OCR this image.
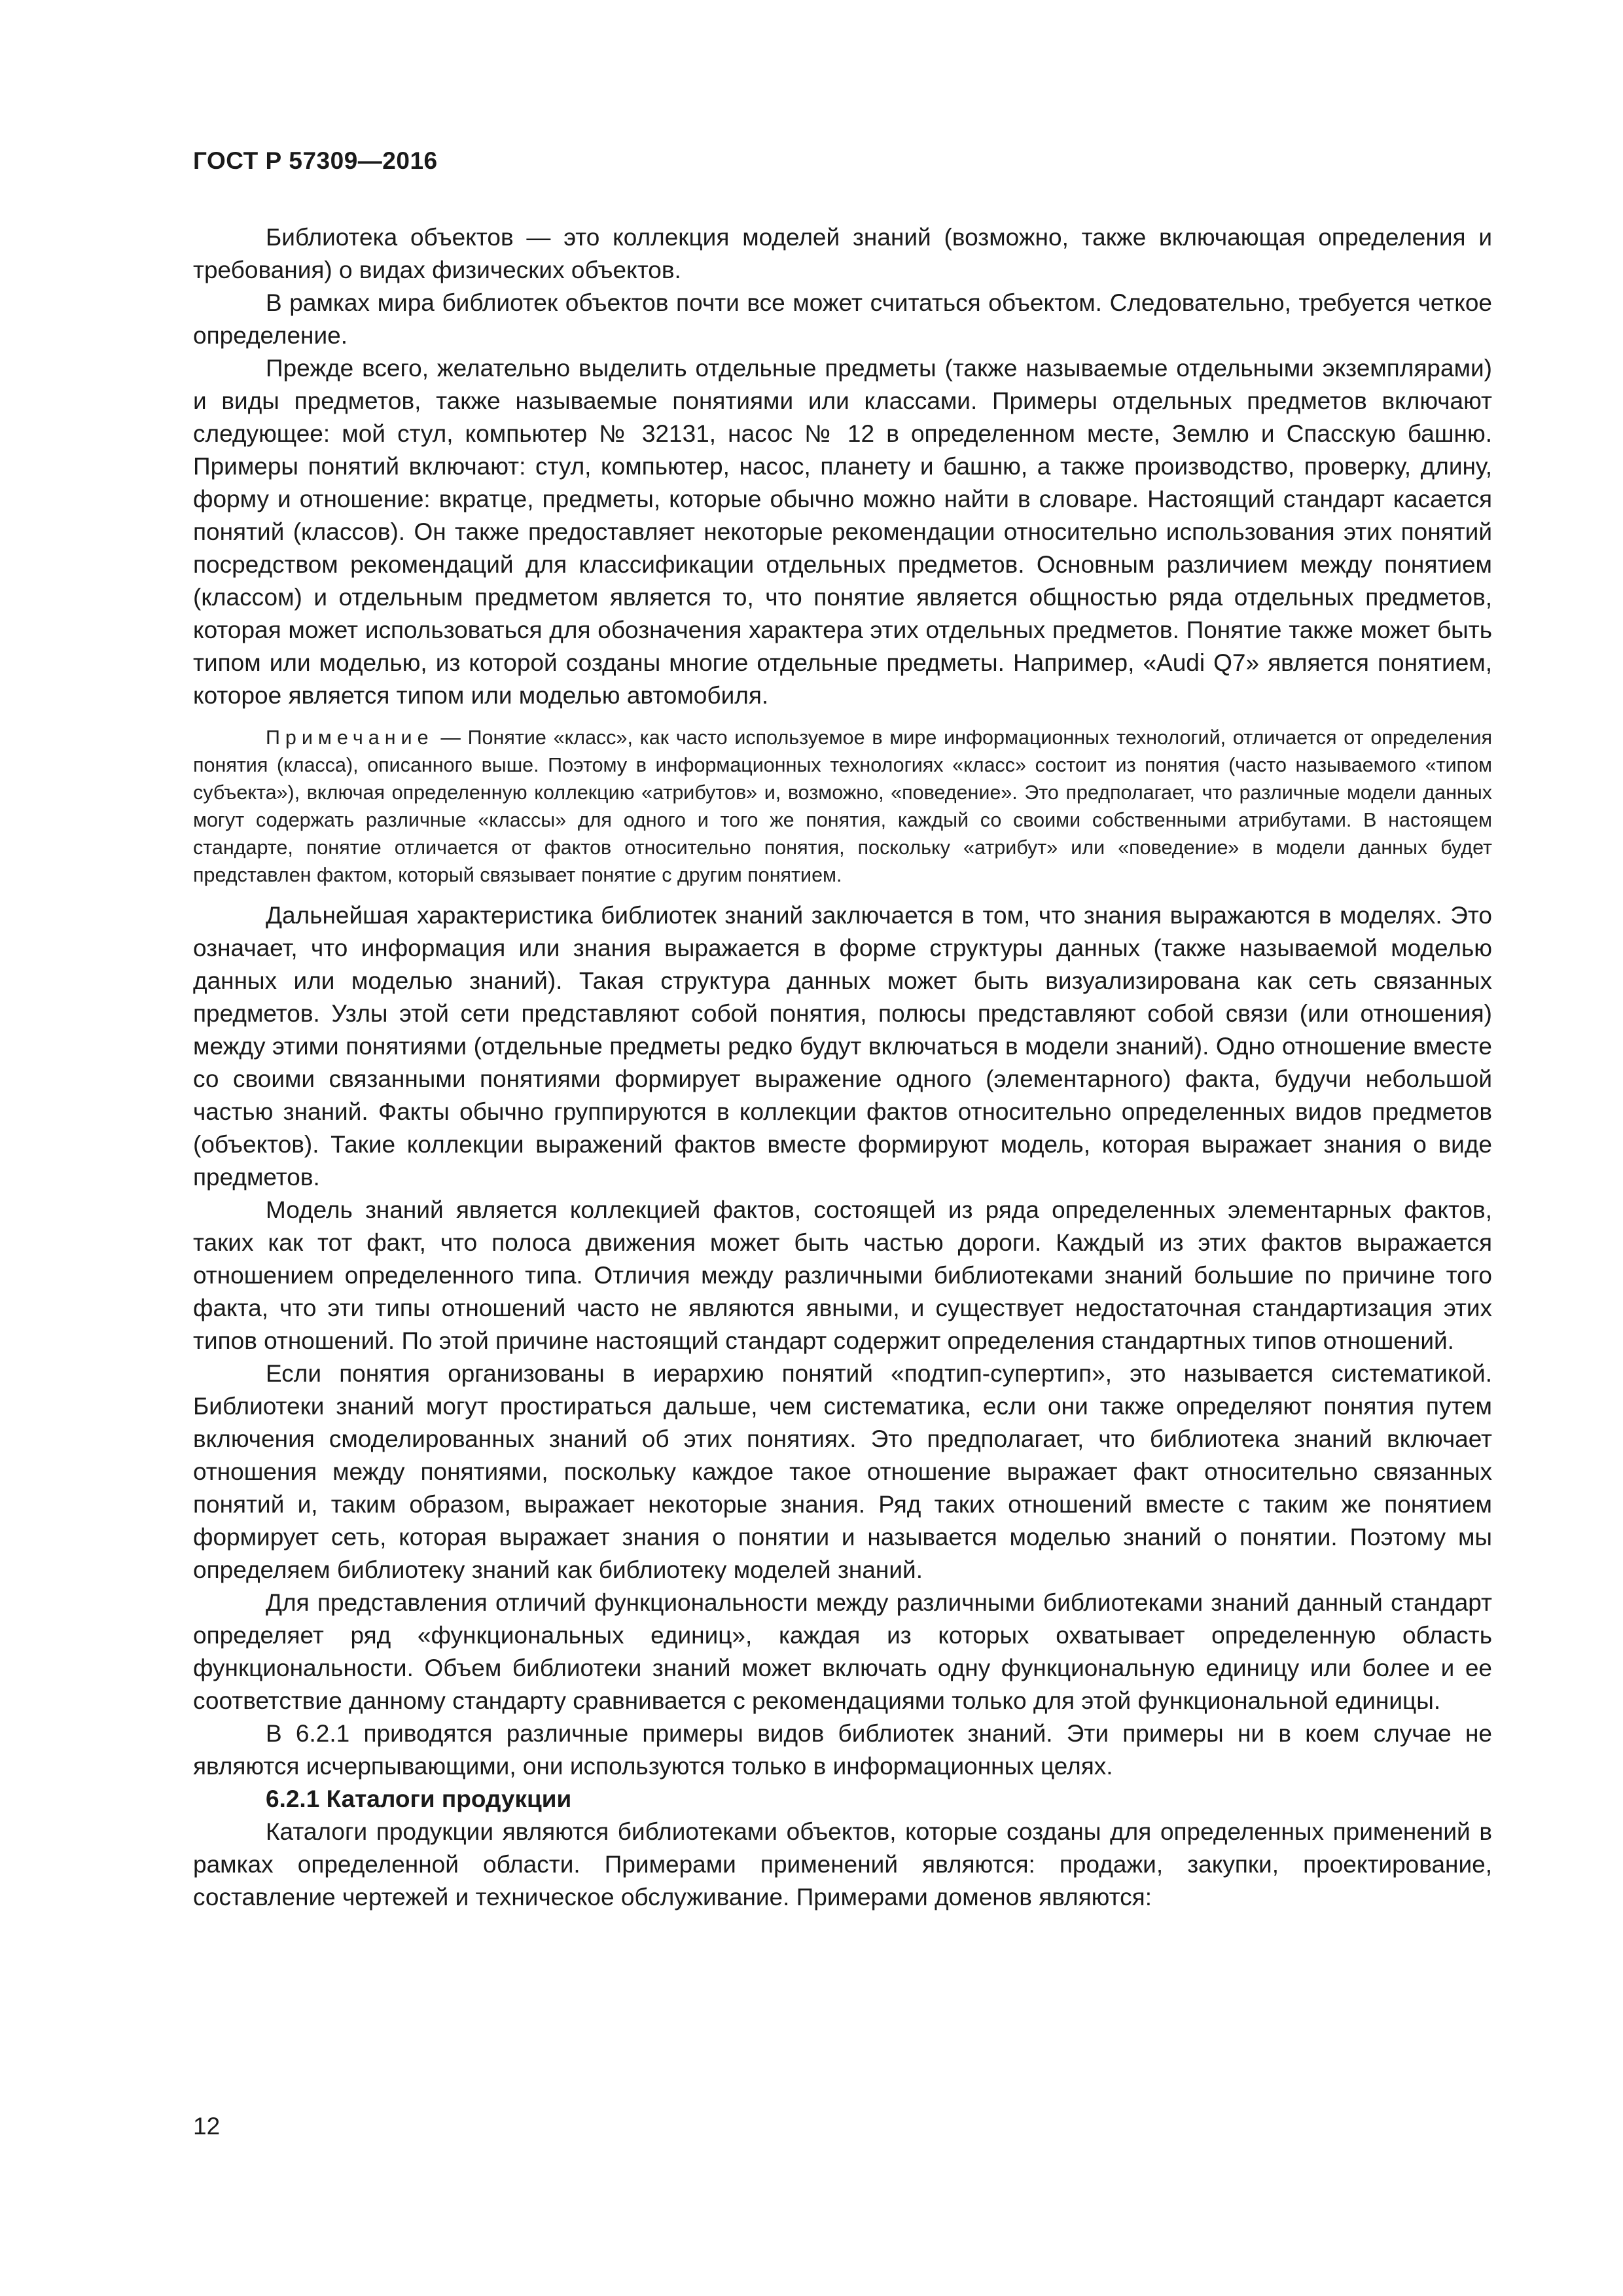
ГОСТ Р 57309—2016

Библиотека объектов — это коллекция моделей знаний (возможно, также включающая определения и требования) о видах физических объектов.

В рамках мира библиотек объектов почти все может считаться объектом. Следовательно, требуется четкое определение.

Прежде всего, желательно выделить отдельные предметы (также называемые отдельными экземплярами) и виды предметов, также называемые понятиями или классами. Примеры отдельных предметов включают следующее: мой стул, компьютер № 32131, насос № 12 в определенном месте, Землю и Спасскую башню. Примеры понятий включают: стул, компьютер, насос, планету и башню, а также производство, проверку, длину, форму и отношение: вкратце, предметы, которые обычно можно найти в словаре. Настоящий стандарт касается понятий (классов). Он также предоставляет некоторые рекомендации относительно использования этих понятий посредством рекомендаций для классификации отдельных предметов. Основным различием между понятием (классом) и отдельным предметом является то, что понятие является общностью ряда отдельных предметов, которая может использоваться для обозначения характера этих отдельных предметов. Понятие также может быть типом или моделью, из которой созданы многие отдельные предметы. Например, «Audi Q7» является понятием, которое является типом или моделью автомобиля.

Примечание — Понятие «класс», как часто используемое в мире информационных технологий, отличается от определения понятия (класса), описанного выше. Поэтому в информационных технологиях «класс» состоит из понятия (часто называемого «типом субъекта»), включая определенную коллекцию «атрибутов» и, возможно, «поведение». Это предполагает, что различные модели данных могут содержать различные «классы» для одного и того же понятия, каждый со своими собственными атрибутами. В настоящем стандарте, понятие отличается от фактов относительно понятия, поскольку «атрибут» или «поведение» в модели данных будет представлен фактом, который связывает понятие с другим понятием.

Дальнейшая характеристика библиотек знаний заключается в том, что знания выражаются в моделях. Это означает, что информация или знания выражается в форме структуры данных (также называемой моделью данных или моделью знаний). Такая структура данных может быть визуализирована как сеть связанных предметов. Узлы этой сети представляют собой понятия, полюсы представляют собой связи (или отношения) между этими понятиями (отдельные предметы редко будут включаться в модели знаний). Одно отношение вместе со своими связанными понятиями формирует выражение одного (элементарного) факта, будучи небольшой частью знаний. Факты обычно группируются в коллекции фактов относительно определенных видов предметов (объектов). Такие коллекции выражений фактов вместе формируют модель, которая выражает знания о виде предметов.

Модель знаний является коллекцией фактов, состоящей из ряда определенных элементарных фактов, таких как тот факт, что полоса движения может быть частью дороги. Каждый из этих фактов выражается отношением определенного типа. Отличия между различными библиотеками знаний большие по причине того факта, что эти типы отношений часто не являются явными, и существует недостаточная стандартизация этих типов отношений. По этой причине настоящий стандарт содержит определения стандартных типов отношений.

Если понятия организованы в иерархию понятий «подтип-супертип», это называется систематикой. Библиотеки знаний могут простираться дальше, чем систематика, если они также определяют понятия путем включения смоделированных знаний об этих понятиях. Это предполагает, что библиотека знаний включает отношения между понятиями, поскольку каждое такое отношение выражает факт относительно связанных понятий и, таким образом, выражает некоторые знания. Ряд таких отношений вместе с таким же понятием формирует сеть, которая выражает знания о понятии и называется моделью знаний о понятии. Поэтому мы определяем библиотеку знаний как библиотеку моделей знаний.

Для представления отличий функциональности между различными библиотеками знаний данный стандарт определяет ряд «функциональных единиц», каждая из которых охватывает определенную область функциональности. Объем библиотеки знаний может включать одну функциональную единицу или более и ее соответствие данному стандарту сравнивается с рекомендациями только для этой функциональной единицы.

В 6.2.1 приводятся различные примеры видов библиотек знаний. Эти примеры ни в коем случае не являются исчерпывающими, они используются только в информационных целях.

6.2.1 Каталоги продукции

Каталоги продукции являются библиотеками объектов, которые созданы для определенных применений в рамках определенной области. Примерами применений являются: продажи, закупки, проектирование, составление чертежей и техническое обслуживание. Примерами доменов являются:

12
